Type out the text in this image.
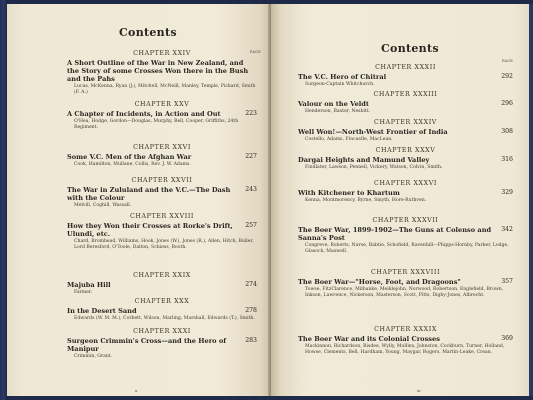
Contents
PAGE
CHAPTER XXIV
A Short Outline of the War in New Zealand, and the Story of some Crosses Won there in the Bush and the Pahs
Lucas, McKenna, Ryan (J.), Mitchell, McNeill, Manley, Temple, Pickard, Smith (F. A.)
CHAPTER XXV
223
A Chapter of Incidents, in Action and Out
O'Hea, Hodge, Gordon—Douglas, Murphy, Bell, Cooper, Griffiths, 24th Regiment.
CHAPTER XXVI
227
Some V.C. Men of the Afghan War
Cook, Hamilton, Mullane, Collis, Rev. J. W. Adams.
CHAPTER XXVII
243
The War in Zululand and the V.C.—The Dash with the Colour
Melvill, Coghill, Wassall.
CHAPTER XXVIII
257
How they Won their Crosses at Rorke's Drift, Ulundi, etc.
Chard, Bromhead, Williams, Hook, Jones (W.), Jones (R.), Allen, Hitch, Buller, Lord Beresford, O'Toole, Dalton, Schiess, Booth.
CHAPTER XXIX
274
Majuba Hill
Farmer.
CHAPTER XXX
278
In the Desert Sand
Edwards (W. M. M.), Corbett, Wilson, Marling, Marshall, Edwards (T.), Smith.
CHAPTER XXXI
283
Surgeon Crimmin's Cross—and the Hero of Manipur
Crimmin, Grant.
x
Contents
PAGE
CHAPTER XXXII
292
The V.C. Hero of Chitral
Surgeon-Captain Whitchurch.
CHAPTER XXXIII
296
Valour on the Veldt
Henderson, Baxter, Nesbitt.
CHAPTER XXXIV
308
Well Won!—North-West Frontier of India
Costello, Adams, Fincastle, MacLean.
CHAPTER XXXV
316
Dargai Heights and Mamund Valley
Findlater, Lawson, Pennell, Vickery, Watson, Colvin, Smith.
CHAPTER XXXVI
329
With Kitchener to Khartum
Kenna, Montmorency, Byrne, Smyth, Hore-Ruthven.
CHAPTER XXXVII
342
The Boer War, 1899-1902—The Guns at Colenso and Sanna's Post
Congreve, Roberts, Nurse, Babtie, Schofield, Ravenhill—Phipps-Hornby, Parker, Lodge, Glasock, Maxwell.
CHAPTER XXXVIII
357
The Boer War—"Horse, Foot, and Dragoons"
Towse, FitzClarence, Milbanke, Meiklejohn, Norwood, Robertson, Englefield, Brown, Inkson, Lawrence, Nickerson, Masterson, Scott, Pitts, Digby-Jones, Albrecht.
CHAPTER XXXIX
369
The Boer War and its Colonial Crosses
Mackinnon, Richardson, Bisdee, Wylly, Mullins, Johnston, Cockburn, Turner, Holland, Howse, Clements, Bell, Hardham, Young, Maygar, Rogers, Martin-Leake, Crean.
xi
